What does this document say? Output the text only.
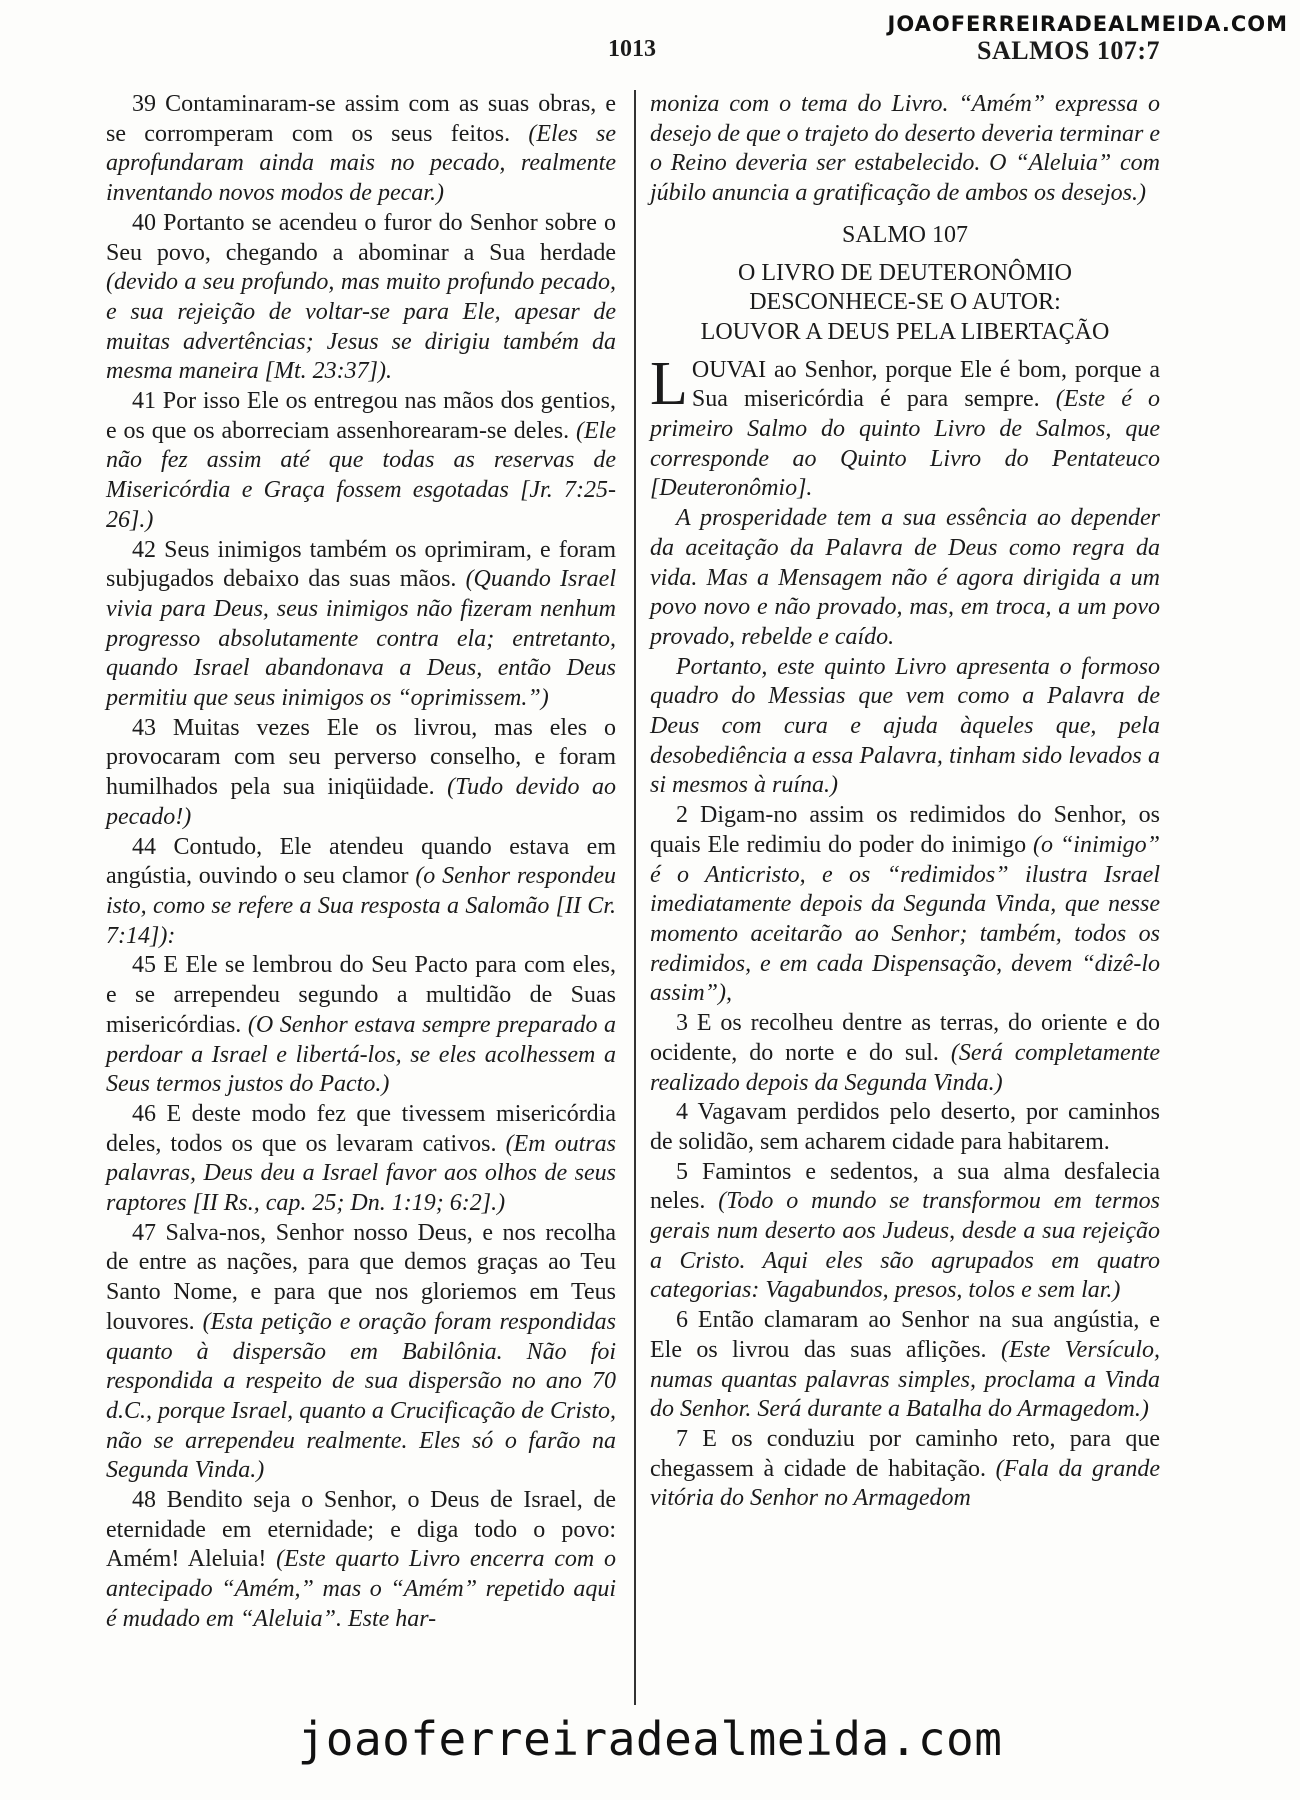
JOAOFERREIRADEALMEIDA.COM
1013	SALMOS 107:7

39 Contaminaram-se assim com as suas obras, e se corromperam com os seus feitos. (Eles se aprofundaram ainda mais no pecado, realmente inventando novos modos de pecar.)

40 Portanto se acendeu o furor do Senhor sobre o Seu povo, chegando a abominar a Sua herdade (devido a seu profundo, mas muito profundo pecado, e sua rejeição de voltar-se para Ele, apesar de muitas advertências; Jesus se dirigiu também da mesma maneira [Mt. 23:37]).

41 Por isso Ele os entregou nas mãos dos gentios, e os que os aborreciam assenhorearam-se deles. (Ele não fez assim até que todas as reservas de Misericórdia e Graça fossem esgotadas [Jr. 7:25-26].)

42 Seus inimigos também os oprimiram, e foram subjugados debaixo das suas mãos. (Quando Israel vivia para Deus, seus inimigos não fizeram nenhum progresso absolutamente contra ela; entretanto, quando Israel abandonava a Deus, então Deus permitiu que seus inimigos os “oprimissem.”)

43 Muitas vezes Ele os livrou, mas eles o provocaram com seu perverso conselho, e foram humilhados pela sua iniqüidade. (Tudo devido ao pecado!)

44 Contudo, Ele atendeu quando estava em angústia, ouvindo o seu clamor (o Senhor respondeu isto, como se refere a Sua resposta a Salomão [II Cr. 7:14]):

45 E Ele se lembrou do Seu Pacto para com eles, e se arrependeu segundo a multidão de Suas misericórdias. (O Senhor estava sempre preparado a perdoar a Israel e libertá-los, se eles acolhessem a Seus termos justos do Pacto.)

46 E deste modo fez que tivessem misericórdia deles, todos os que os levaram cativos. (Em outras palavras, Deus deu a Israel favor aos olhos de seus raptores [II Rs., cap. 25; Dn. 1:19; 6:2].)

47 Salva-nos, Senhor nosso Deus, e nos recolha de entre as nações, para que demos graças ao Teu Santo Nome, e para que nos gloriemos em Teus louvores. (Esta petição e oração foram respondidas quanto à dispersão em Babilônia. Não foi respondida a respeito de sua dispersão no ano 70 d.C., porque Israel, quanto a Crucificação de Cristo, não se arrependeu realmente. Eles só o farão na Segunda Vinda.)

48 Bendito seja o Senhor, o Deus de Israel, de eternidade em eternidade; e diga todo o povo: Amém! Aleluia! (Este quarto Livro encerra com o antecipado “Amém,” mas o “Amém” repetido aqui é mudado em “Aleluia”. Este har-

moniza com o tema do Livro. “Amém” expressa o desejo de que o trajeto do deserto deveria terminar e o Reino deveria ser estabelecido. O “Aleluia” com júbilo anuncia a gratificação de ambos os desejos.)

SALMO 107
O LIVRO DE DEUTERONÔMIO
DESCONHECE-SE O AUTOR:
LOUVOR A DEUS PELA LIBERTAÇÃO

LOUVAI ao Senhor, porque Ele é bom, porque a Sua misericórdia é para sempre. (Este é o primeiro Salmo do quinto Livro de Salmos, que corresponde ao Quinto Livro do Pentateuco [Deuteronômio].

A prosperidade tem a sua essência ao depender da aceitação da Palavra de Deus como regra da vida. Mas a Mensagem não é agora dirigida a um povo novo e não provado, mas, em troca, a um povo provado, rebelde e caído.

Portanto, este quinto Livro apresenta o formoso quadro do Messias que vem como a Palavra de Deus com cura e ajuda àqueles que, pela desobediência a essa Palavra, tinham sido levados a si mesmos à ruína.)

2 Digam-no assim os redimidos do Senhor, os quais Ele redimiu do poder do inimigo (o “inimigo” é o Anticristo, e os “redimidos” ilustra Israel imediatamente depois da Segunda Vinda, que nesse momento aceitarão ao Senhor; também, todos os redimidos, e em cada Dispensação, devem “dizê-lo assim”),

3 E os recolheu dentre as terras, do oriente e do ocidente, do norte e do sul. (Será completamente realizado depois da Segunda Vinda.)

4 Vagavam perdidos pelo deserto, por caminhos de solidão, sem acharem cidade para habitarem.

5 Famintos e sedentos, a sua alma desfalecia neles. (Todo o mundo se transformou em termos gerais num deserto aos Judeus, desde a sua rejeição a Cristo. Aqui eles são agrupados em quatro categorias: Vagabundos, presos, tolos e sem lar.)

6 Então clamaram ao Senhor na sua angústia, e Ele os livrou das suas aflições. (Este Versículo, numas quantas palavras simples, proclama a Vinda do Senhor. Será durante a Batalha do Armagedom.)

7 E os conduziu por caminho reto, para que chegassem à cidade de habitação. (Fala da grande vitória do Senhor no Armagedom

joaoferreiradealmeida.com
